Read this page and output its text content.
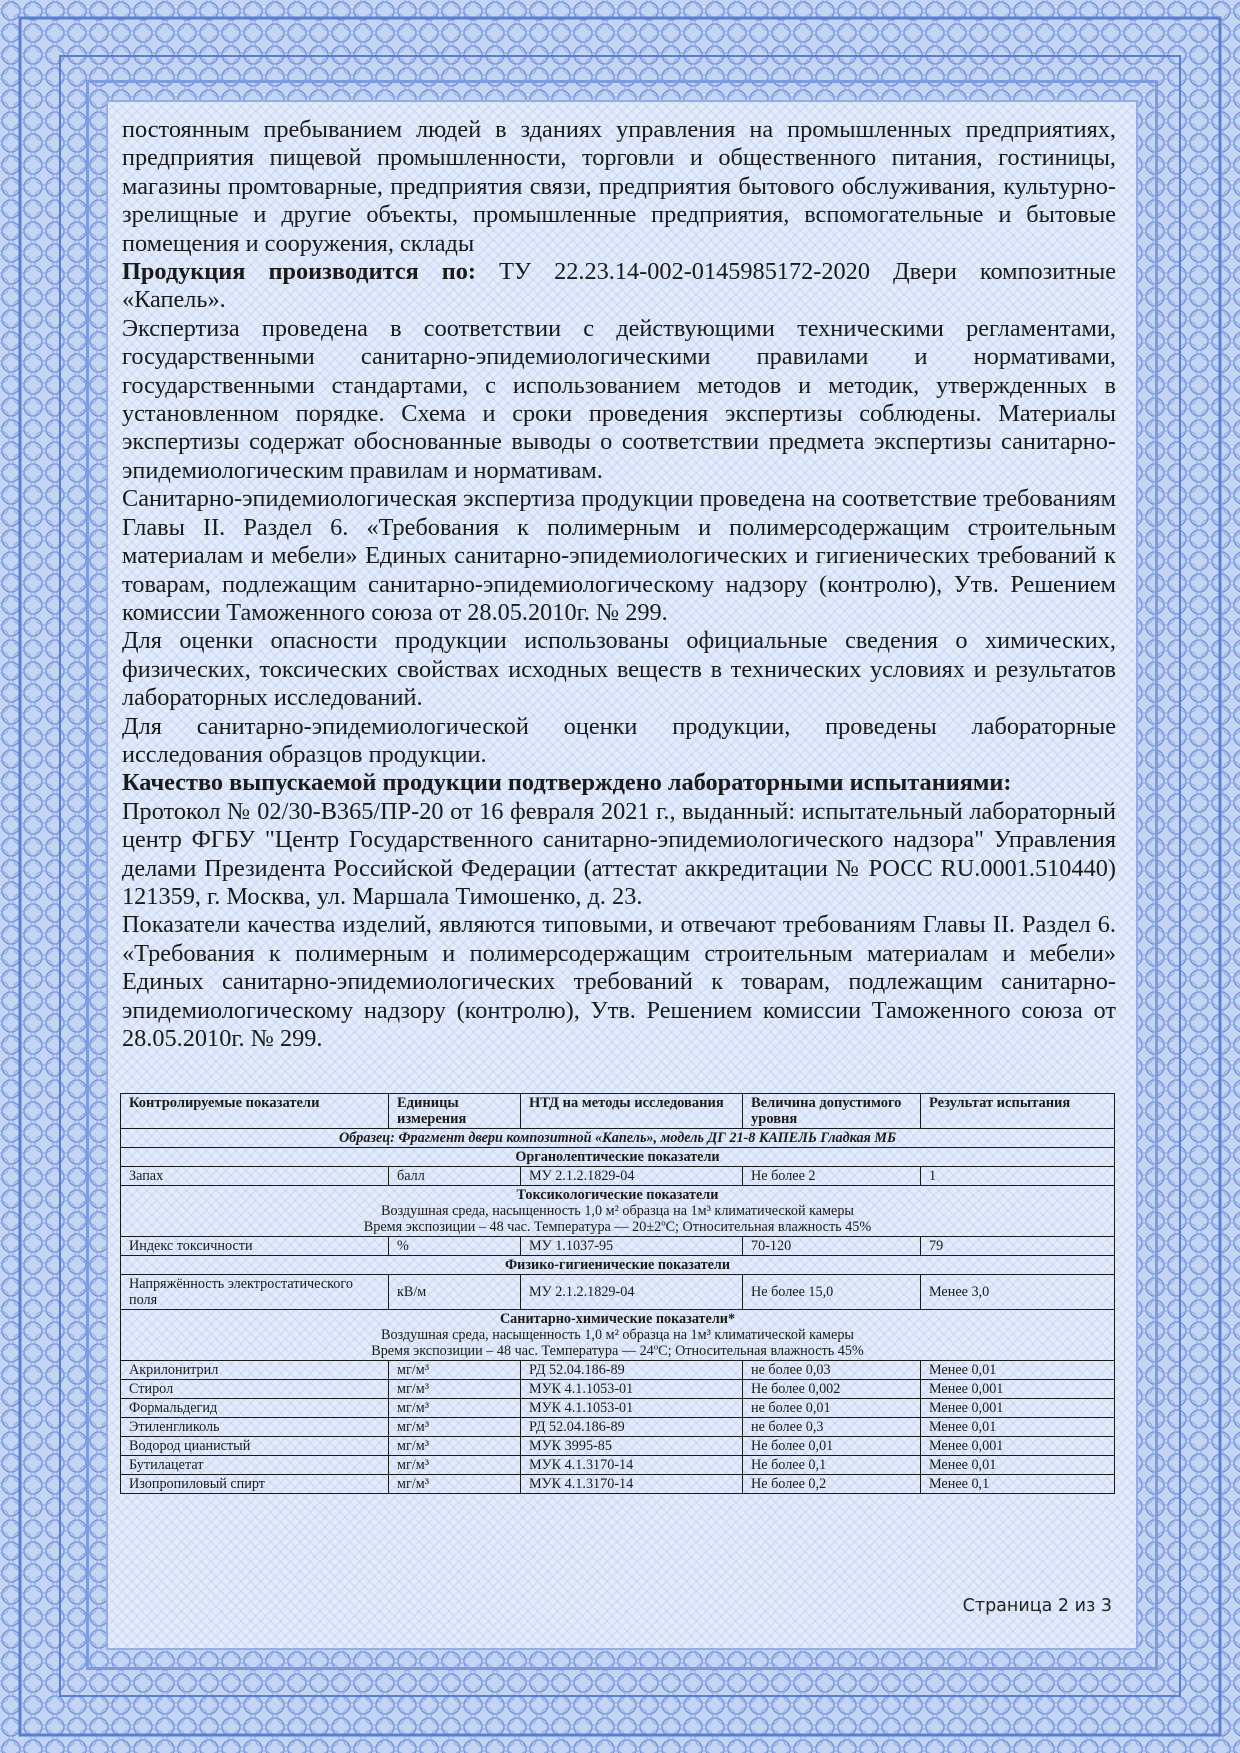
постоянным пребыванием людей в зданиях управления на промышленных предприятиях, предприятия пищевой промышленности, торговли и общественного питания, гостиницы, магазины промтоварные, предприятия связи, предприятия бытового обслуживания, культурно-зрелищные и другие объекты, промышленные предприятия, вспомогательные и бытовые помещения и сооружения, склады

Продукция производится по: ТУ 22.23.14-002-0145985172-2020 Двери композитные «Капель».

Экспертиза проведена в соответствии с действующими техническими регламентами, государственными санитарно-эпидемиологическими правилами и нормативами, государственными стандартами, с использованием методов и методик, утвержденных в установленном порядке. Схема и сроки проведения экспертизы соблюдены. Материалы экспертизы содержат обоснованные выводы о соответствии предмета экспертизы санитарно-эпидемиологическим правилам и нормативам.

Санитарно-эпидемиологическая экспертиза продукции проведена на соответствие требованиям Главы II. Раздел 6. «Требования к полимерным и полимерсодержащим строительным материалам и мебели» Единых санитарно-эпидемиологических и гигиенических требований к товарам, подлежащим санитарно-эпидемиологическому надзору (контролю), Утв. Решением комиссии Таможенного союза от 28.05.2010г. № 299.

Для оценки опасности продукции использованы официальные сведения о химических, физических, токсических свойствах исходных веществ в технических условиях и результатов лабораторных исследований.

Для санитарно-эпидемиологической оценки продукции, проведены лабораторные исследования образцов продукции.

Качество выпускаемой продукции подтверждено лабораторными испытаниями:

Протокол № 02/30-В365/ПР-20 от 16 февраля 2021 г., выданный: испытательный лабораторный центр ФГБУ "Центр Государственного санитарно-эпидемиологического надзора" Управления делами Президента Российской Федерации (аттестат аккредитации № РОСС RU.0001.510440) 121359, г. Москва, ул. Маршала Тимошенко, д. 23.

Показатели качества изделий, являются типовыми, и отвечают требованиям Главы II. Раздел 6. «Требования к полимерным и полимерсодержащим строительным материалам и мебели» Единых санитарно-эпидемиологических требований к товарам, подлежащим санитарно-эпидемиологическому надзору (контролю), Утв. Решением комиссии Таможенного союза от 28.05.2010г. № 299.

Контролируемые показатели	Единицы измерения	НТД на методы исследования	Величина допустимого уровня	Результат испытания
Образец: Фрагмент двери композитной «Капель», модель ДГ 21-8 КАПЕЛЬ Гладкая МБ				
Органолептические показатели				
Запах	балл	МУ 2.1.2.1829-04	Не более 2	1

Токсикологические показатели
Воздушная среда, насыщенность 1,0 м² образца на 1м³ климатической камеры
Время экспозиции – 48 час. Температура — 20±2ºС; Относительная влажность 45%				

Индекс токсичности	%	МУ 1.1037-95	70-120	79
Физико-гигиенические показатели				
Напряжённость электростатического поля	кВ/м	МУ 2.1.2.1829-04	Не более 15,0	Менее 3,0

Санитарно-химические показатели*
Воздушная среда, насыщенность 1,0 м² образца на 1м³ климатической камеры
Время экспозиции – 48 час. Температура — 24ºС; Относительная влажность 45%				

Акрилонитрил	мг/м³	РД 52.04.186-89	не более 0,03	Менее 0,01
Стирол	мг/м³	МУК 4.1.1053-01	Не более 0,002	Менее 0,001
Формальдегид	мг/м³	МУК 4.1.1053-01	не более 0,01	Менее 0,001
Этиленгликоль	мг/м³	РД 52.04.186-89	не более 0,3	Менее 0,01
Водород цианистый	мг/м³	МУК 3995-85	Не более 0,01	Менее 0,001
Бутилацетат	мг/м³	МУК 4.1.3170-14	Не более 0,1	Менее 0,01
Изопропиловый спирт	мг/м³	МУК 4.1.3170-14	Не более 0,2	Менее 0,1
Страница 2 из 3
